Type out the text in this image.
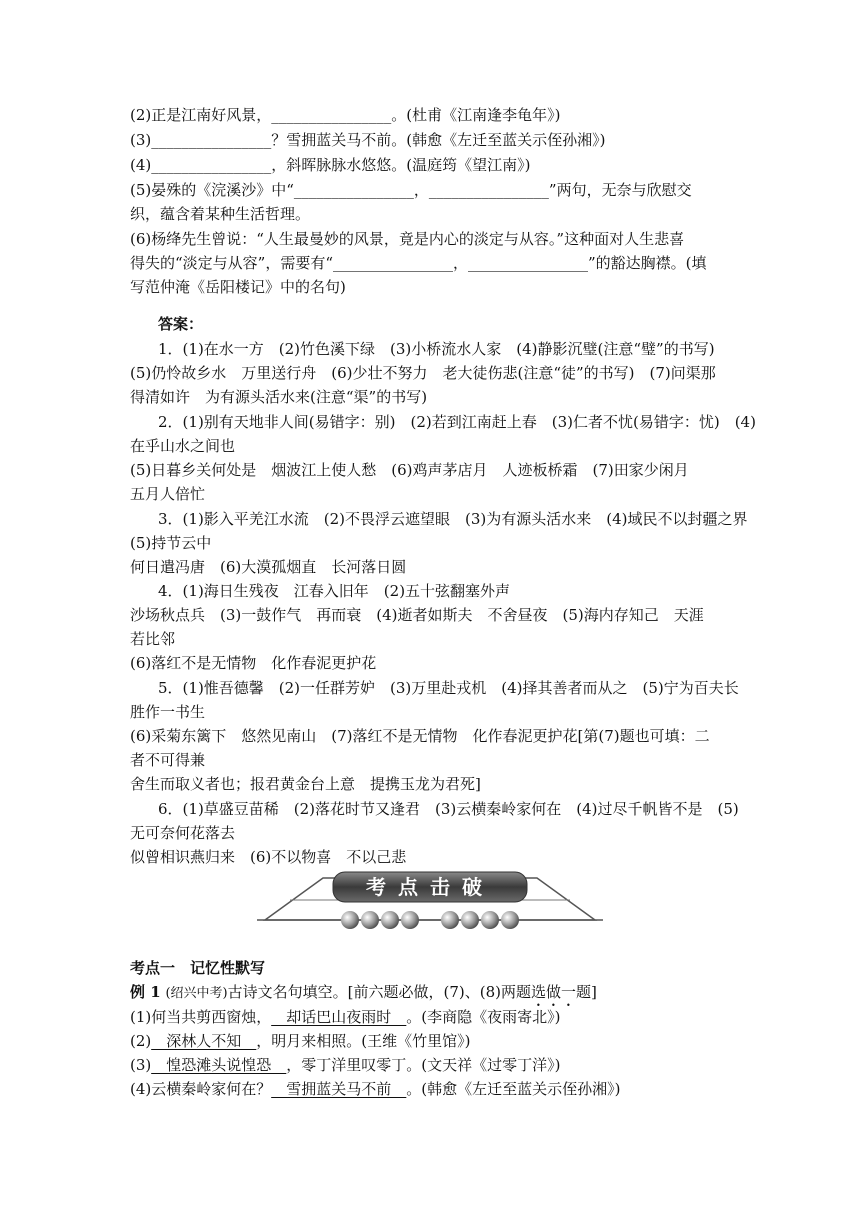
(2)正是江南好风景，________________。(杜甫《江南逢李龟年》)
(3)________________？雪拥蓝关马不前。(韩愈《左迁至蓝关示侄孙湘》)
(4)________________，斜晖脉脉水悠悠。(温庭筠《望江南》)
(5)晏殊的《浣溪沙》中“________________，________________”两句，无奈与欣慰交
织，蕴含着某种生活哲理。
(6)杨绛先生曾说：“人生最曼妙的风景，竟是内心的淡定与从容。”这种面对人生悲喜
得失的“淡定与从容”，需要有“________________，________________”的豁达胸襟。(填
写范仲淹《岳阳楼记》中的名句)
答案：
1．(1)在水一方　(2)竹色溪下绿　(3)小桥流水人家　(4)静影沉璧(注意“璧”的书写)
(5)仍怜故乡水　万里送行舟　(6)少壮不努力　老大徒伤悲(注意“徒”的书写)　(7)问渠那
得清如许　为有源头活水来(注意“渠”的书写)
2．(1)别有天地非人间(易错字：别)　(2)若到江南赶上春　(3)仁者不忧(易错字：忧)　(4)
在乎山水之间也
(5)日暮乡关何处是　烟波江上使人愁　(6)鸡声茅店月　人迹板桥霜　(7)田家少闲月
五月人倍忙
3．(1)影入平羌江水流　(2)不畏浮云遮望眼　(3)为有源头活水来　(4)域民不以封疆之界
(5)持节云中
何日遣冯唐　(6)大漠孤烟直　长河落日圆
4．(1)海日生残夜　江春入旧年　(2)五十弦翻塞外声
沙场秋点兵　(3)一鼓作气　再而衰　(4)逝者如斯夫　不舍昼夜　(5)海内存知己　天涯
若比邻
(6)落红不是无情物　化作春泥更护花
5．(1)惟吾德馨　(2)一任群芳妒　(3)万里赴戎机　(4)择其善者而从之　(5)宁为百夫长
胜作一书生
(6)采菊东篱下　悠然见南山　(7)落红不是无情物　化作春泥更护花[第(7)题也可填：二
者不可得兼
舍生而取义者也；报君黄金台上意　提携玉龙为君死]
6．(1)草盛豆苗稀　(2)落花时节又逢君　(3)云横秦岭家何在　(4)过尽千帆皆不是　(5)
无可奈何花落去
似曾相识燕归来　(6)不以物喜　不以己悲
考点击破
考点一　记忆性默写
例 1 (绍兴中考)古诗文名句填空。[前六题必做，(7)、(8)两题选做一题]
(1)何当共剪西窗烛，__却话巴山夜雨时__。(李商隐《夜雨寄北》)
(2)__深林人不知__，明月来相照。(王维《竹里馆》)
(3)__惶恐滩头说惶恐__，零丁洋里叹零丁。(文天祥《过零丁洋》)
(4)云横秦岭家何在？__雪拥蓝关马不前__。(韩愈《左迁至蓝关示侄孙湘》)
